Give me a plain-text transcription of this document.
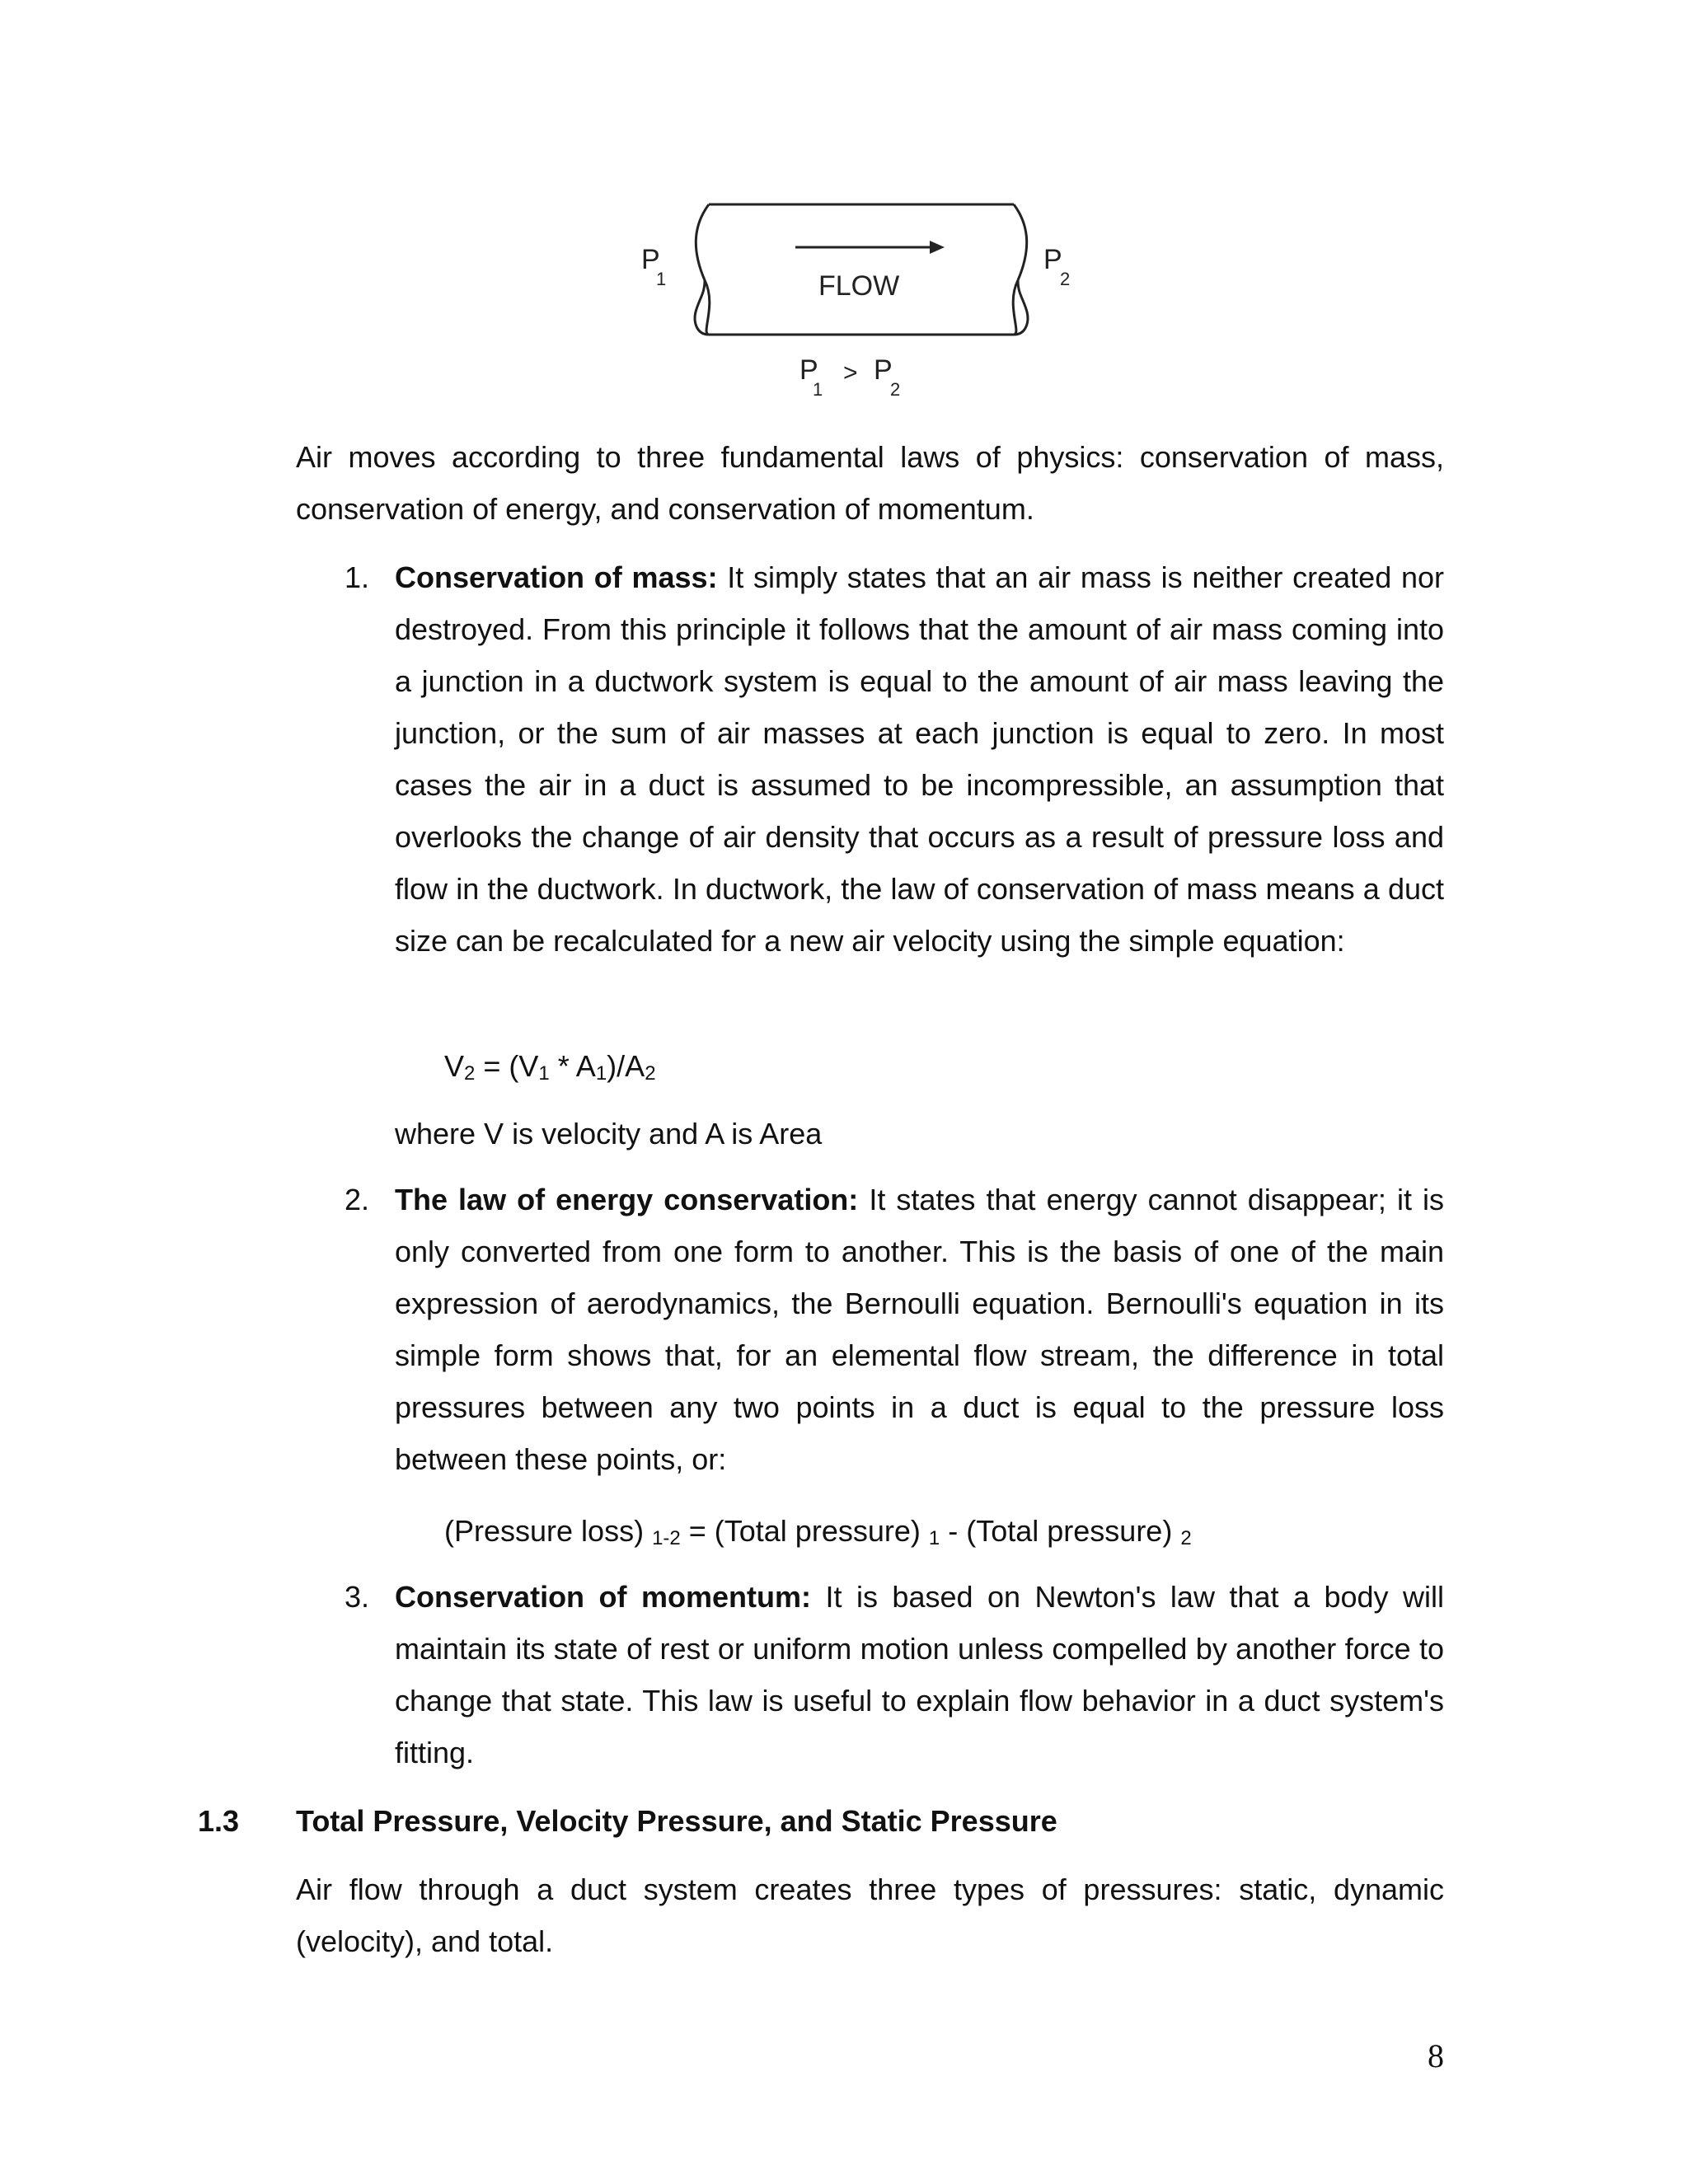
FLOW
P
1
P
2
P
1
> P
2
Air moves according to three fundamental laws of physics: conservation of mass, conservation of energy, and conservation of momentum.
1. Conservation of mass: It simply states that an air mass is neither created nor destroyed. From this principle it follows that the amount of air mass coming into a junction in a ductwork system is equal to the amount of air mass leaving the junction, or the sum of air masses at each junction is equal to zero. In most cases the air in a duct is assumed to be incompressible, an assumption that overlooks the change of air density that occurs as a result of pressure loss and flow in the ductwork. In ductwork, the law of conservation of mass means a duct size can be recalculated for a new air velocity using the simple equation:
V2 = (V1 * A1)/A2
where V is velocity and A is Area
2. The law of energy conservation: It states that energy cannot disappear; it is only converted from one form to another. This is the basis of one of the main expression of aerodynamics, the Bernoulli equation. Bernoulli's equation in its simple form shows that, for an elemental flow stream, the difference in total pressures between any two points in a duct is equal to the pressure loss between these points, or:
(Pressure loss) 1-2 = (Total pressure) 1 - (Total pressure) 2
3. Conservation of momentum: It is based on Newton's law that a body will maintain its state of rest or uniform motion unless compelled by another force to change that state. This law is useful to explain flow behavior in a duct system's fitting.
1.3 Total Pressure, Velocity Pressure, and Static Pressure
Air flow through a duct system creates three types of pressures: static, dynamic (velocity), and total.
8
